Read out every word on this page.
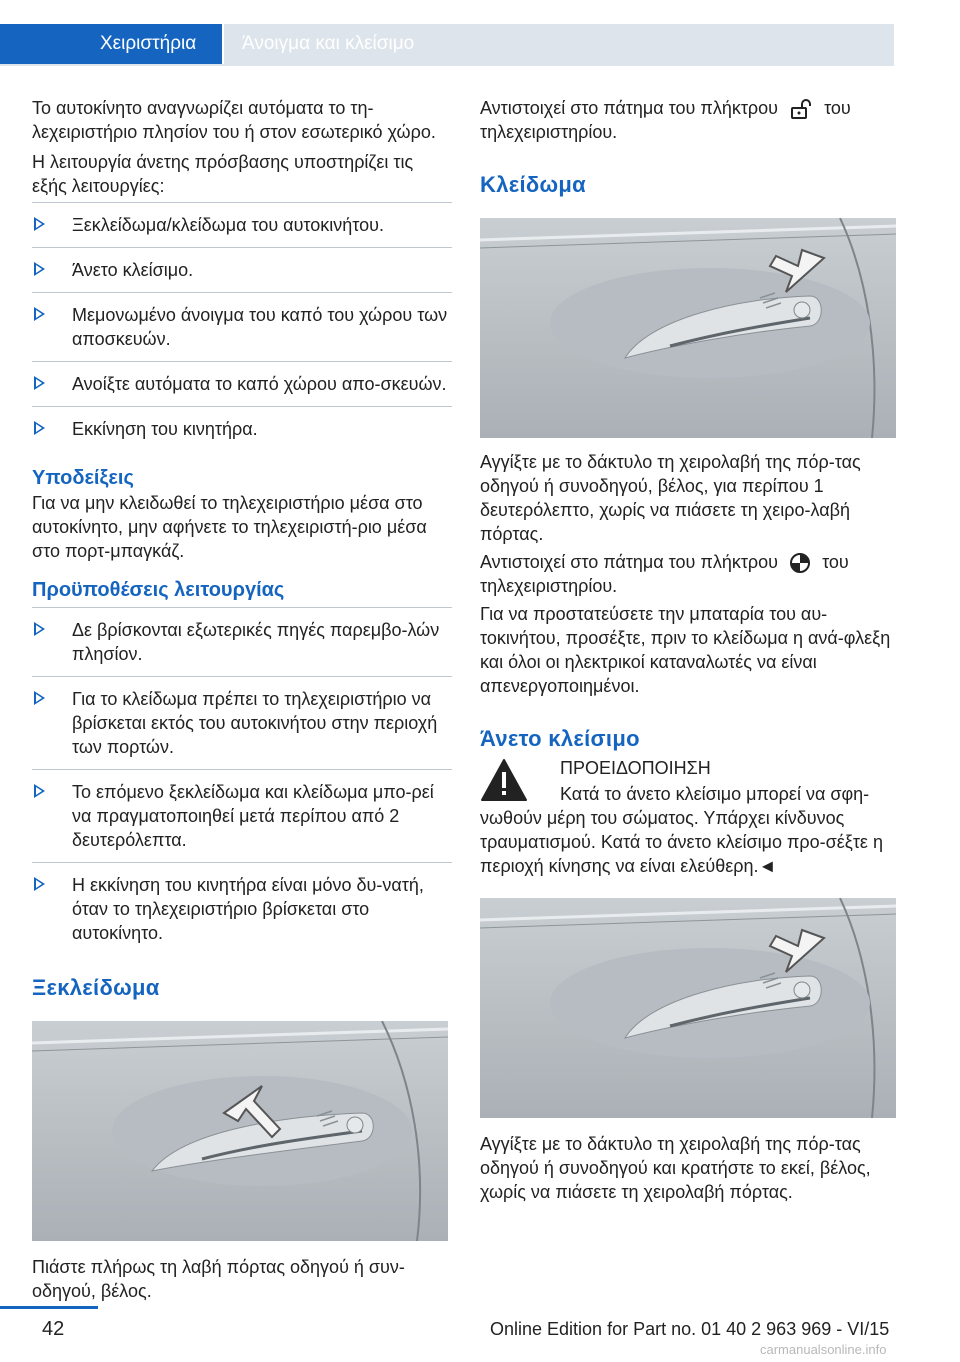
Χειριστήρια	Άνοιγμα και κλείσιμο

Το αυτοκίνητο αναγνωρίζει αυτόματα το τη-λεχειριστήριο πλησίον του ή στον εσωτερικό χώρο.

Η λειτουργία άνετης πρόσβασης υποστηρίζει τις εξής λειτουργίες:

Ξεκλείδωμα/κλείδωμα του αυτοκινήτου.
Άνετο κλείσιμο.
Μεμονωμένο άνοιγμα του καπό του χώρου των αποσκευών.
Ανοίξτε αυτόματα το καπό χώρου απο-σκευών.
Εκκίνηση του κινητήρα.
Υποδείξεις

Για να μην κλειδωθεί το τηλεχειριστήριο μέσα στο αυτοκίνητο, μην αφήνετε το τηλεχειριστή-ριο μέσα στο πορτ-μπαγκάζ.

Προϋποθέσεις λειτουργίας
Δε βρίσκονται εξωτερικές πηγές παρεμβο-λών πλησίον.
Για το κλείδωμα πρέπει το τηλεχειριστήριο να βρίσκεται εκτός του αυτοκινήτου στην περιοχή των πορτών.
Το επόμενο ξεκλείδωμα και κλείδωμα μπο-ρεί να πραγματοποιηθεί μετά περίπου από 2 δευτερόλεπτα.
Η εκκίνηση του κινητήρα είναι μόνο δυ-νατή, όταν το τηλεχειριστήριο βρίσκεται στο αυτοκίνητο.
Ξεκλείδωμα

Πιάστε πλήρως τη λαβή πόρτας οδηγού ή συν-οδηγού, βέλος.

Αντιστοιχεί στο πάτημα του πλήκτρου	του τηλεχειριστηρίου.

Κλείδωμα

Αγγίξτε με το δάκτυλο τη χειρολαβή της πόρ-τας οδηγού ή συνοδηγού, βέλος, για περίπου 1 δευτερόλεπτο, χωρίς να πιάσετε τη χειρο-λαβή πόρτας.

Αντιστοιχεί στο πάτημα του πλήκτρου του τηλεχειριστηρίου.

Για να προστατεύσετε την μπαταρία του αυ-τοκινήτου, προσέξτε, πριν το κλείδωμα η ανά-φλεξη και όλοι οι ηλεκτρικοί καταναλωτές να είναι απενεργοποιημένοι.

Άνετο κλείσιμο

ΠΡΟΕΙΔΟΠΟΙΗΣΗ

Κατά το άνετο κλείσιμο μπορεί να σφη-νωθούν μέρη του σώματος. Υπάρχει κίνδυνος τραυματισμού. Κατά το άνετο κλείσιμο προ-σέξτε η περιοχή κίνησης να είναι ελεύθερη.◄

Αγγίξτε με το δάκτυλο τη χειρολαβή της πόρ-τας οδηγού ή συνοδηγού και κρατήστε το εκεί, βέλος, χωρίς να πιάσετε τη χειρολαβή πόρτας.

42	Online Edition for Part no. 01 40 2 963 969 - VI/15
carmanualsonline.info
